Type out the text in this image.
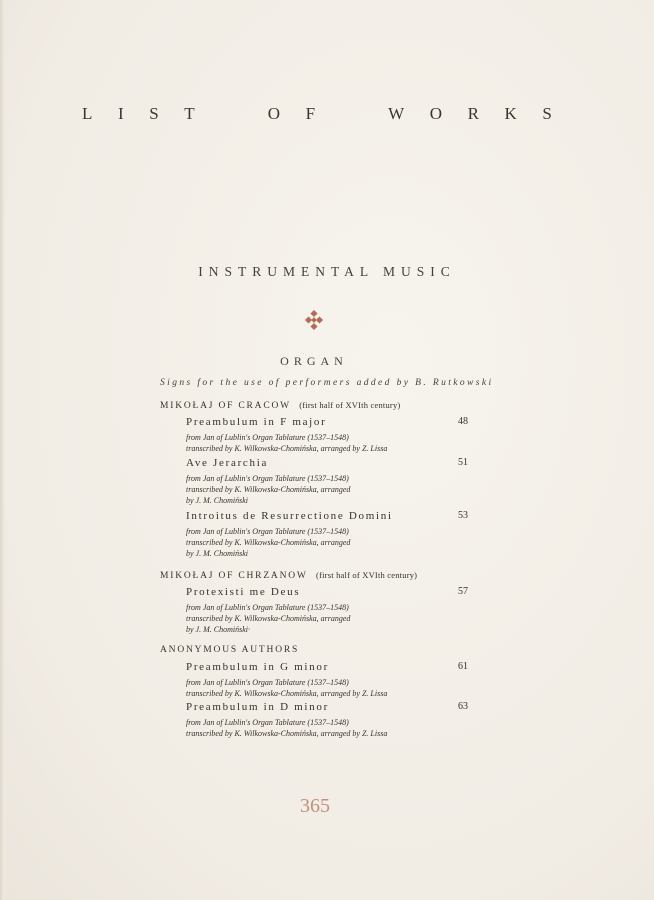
L I S T	O F	W O R K S
INSTRUMENTAL MUSIC
ORGAN
Signs for the use of performers added by B. Rutkowski
MIKOŁAJ OF CRACOW (first half of XVIth century)
Preambulum in F major	48
from Jan of Lublin's Organ Tablature (1537–1548)
transcribed by K. Wilkowska-Chomińska, arranged by Z. Lissa
Ave Jerarchia	51
from Jan of Lublin's Organ Tablature (1537–1548)
transcribed by K. Wilkowska-Chomińska, arranged
by J. M. Chomiński
Introitus de Resurrectione Domini	53
from Jan of Lublin's Organ Tablature (1537–1548)
transcribed by K. Wilkowska-Chomińska, arranged
by J. M. Chomiński
MIKOŁAJ OF CHRZANOW (first half of XVIth century)
Protexisti me Deus	57
from Jan of Lublin's Organ Tablature (1537–1548)
transcribed by K. Wilkowska-Chomińska, arranged
by J. M. Chomiński·
ANONYMOUS AUTHORS
Preambulum in G minor	61
from Jan of Lublin's Organ Tablature (1537–1548)
transcribed by K. Wilkowska-Chomińska, arranged by Z. Lissa
Preambulum in D minor	63
from Jan of Lublin's Organ Tablature (1537–1548)
transcribed by K. Wilkowska-Chomińska, arranged by Z. Lissa
365
